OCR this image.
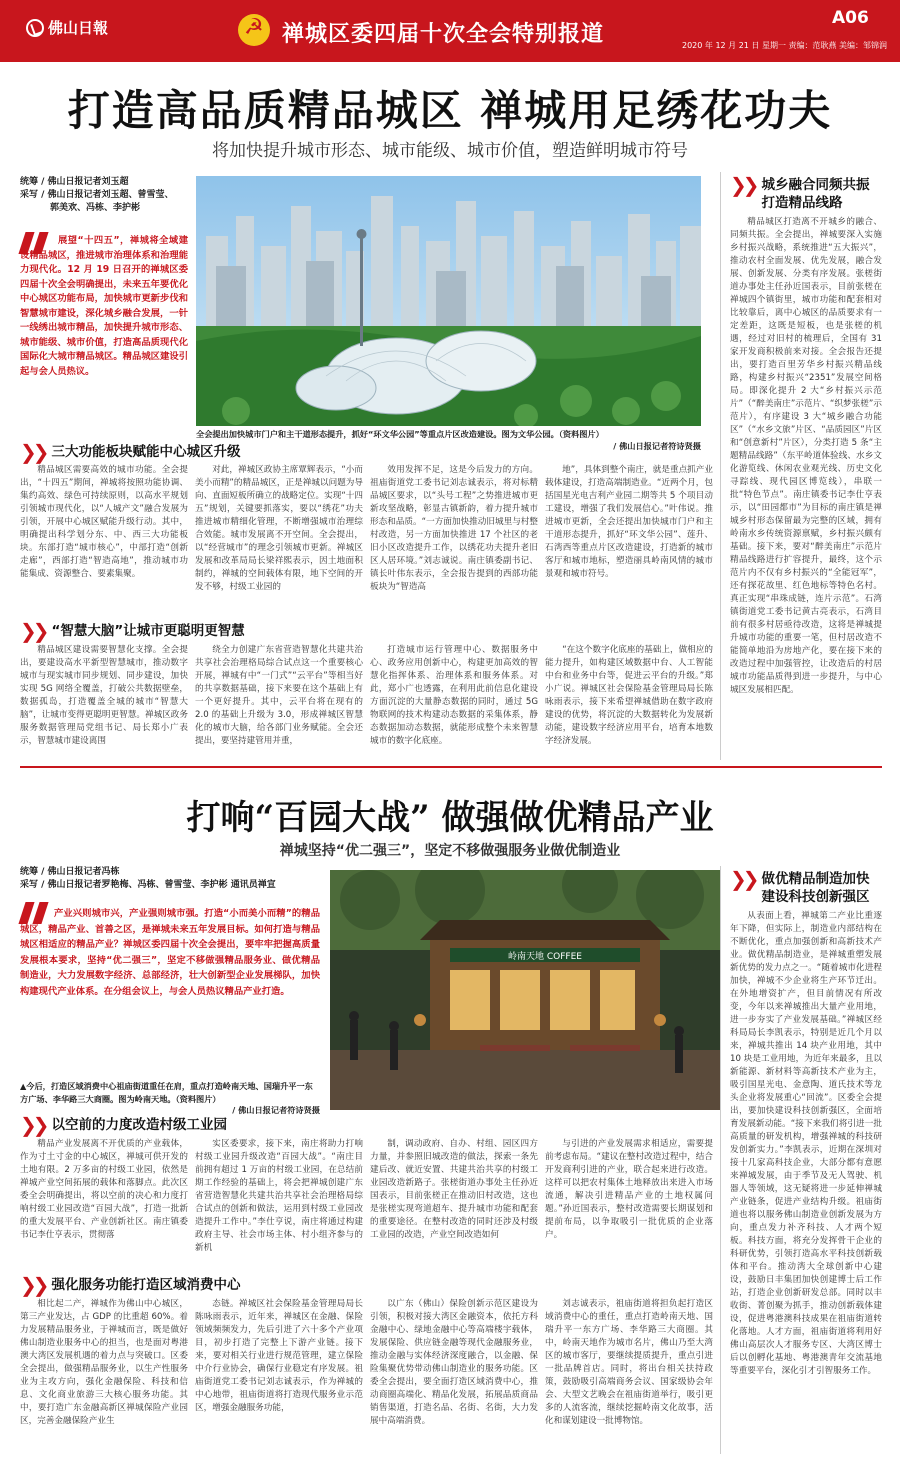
佛山日報
☭	禅城区委四届十次全会特别报道
A06
2020 年 12 月 21 日 星期一 责编：范耿燕 美编：邹锦润
打造高品质精品城区 禅城用足绣花功夫
将加快提升城市形态、城市能级、城市价值，塑造鲜明城市符号
统筹 / 佛山日报记者刘玉超
采写 / 佛山日报记者刘玉超、曾雪莹、
郭美欢、冯栋、李护彬
展望“十四五”，禅城将全域建设精品城区，推进城市治理体系和治理能力现代化。12 月 19 日召开的禅城区委四届十次全会明确提出，未来五年要优化中心城区功能布局，加快城市更新步伐和智慧城市建设，深化城乡融合发展，一针一线绣出城市精品，加快提升城市形态、城市能级、城市价值，打造高品质现代化国际化大城市精品城区。精品城区建设引起与会人员热议。
全会提出加快城市门户和主干道形态提升，抓好“环文华公园”等重点片区改造建设。图为文华公园。（资料图片）
/ 佛山日报记者符诗贤摄
❯❯ 三大功能板块赋能中心城区升级

精品城区需要高效的城市功能。全会提出，“十四五”期间，禅城将按照功能协调、集约高效、绿色可持续原则，以高水平规划引领城市现代化，以“人城产文”融合发展为引领，开展中心城区赋能升级行动。其中，明确提出科学划分东、中、西三大功能板块。东部打造“城市核心”，中部打造“创新走廊”，西部打造“智造高地”，推动城市功能集成、资源整合、要素集聚。

对此，禅城区政协主席覃辉表示，“小而美小而精”的精品城区，正是禅城以问题为导向、直面短板所确立的战略定位。实现“十四五”规划，关键要抓落实，要以“绣花”功夫推进城市精细化管理，不断增强城市治理综合效能。城市发展离不开空间。全会提出，以“经营城市”的理念引领城市更新。禅城区发展和改革局局长梁祥熙表示，因土地面积制约，禅城的空间载体有限，地下空间的开发不够，村级工业园的

效用发挥不足，这是今后发力的方向。祖庙街道党工委书记刘志诚表示，将对标精品城区要求，以“头号工程”之势推进城市更新攻坚战略，彰显古镇新韵，着力提升城市形态和品质。“一方面加快推动旧城里与村整村改造，另一方面加快推进 17 个社区的老旧小区改造提升工作，以绣花功夫提升老旧区人居环境。”刘志诚说。南庄镇委副书记、镇长叶伟东表示，全会报告提到的西部功能板块为“智造高

地”，具体到整个南庄，就是重点抓产业载体建设，打造高端制造业。“近两个月，包括国星光电吉利产业园二期等共 5 个项目动工建设，增强了我们发展信心。”叶伟说。推进城市更新，全会还提出加快城市门户和主干道形态提升，抓好“环文华公园”、莲升、石湾西等重点片区改造建设，打造新的城市客厅和城市地标，塑造丽具岭南风情的城市景观和城市符号。

❯❯ “智慧大脑”让城市更聪明更智慧

精品城区建设需要智慧化支撑。全会提出，要建设高水平新型智慧城市，推动数字城市与现实城市同步规划、同步建设，加快实现 5G 网络全覆盖，打破公共数据壁垒，数据孤岛，打造覆盖全城的城市“智慧大脑”，让城市变得更聪明更智慧。禅城区政务服务数据管理局党组书记、局长郑小广表示，智慧城市建设离围

绕全力创建广东省营造智慧化共建共治共享社会治理格局综合试点这一个重要核心开展，禅城有中“一门式”“云平台”等相当好的共享数据基础，接下来要在这个基础上有一个更好提升。其中，云平台将在现有的 2.0 的基础上升级为 3.0，形成禅城区智慧化的城市大脑，给各部门业务赋能。全会还提出，要坚持建管用并重，

打造城市运行管理中心、数据服务中心、政务应用创新中心，构建更加高效的智慧化指挥体系、治理体系和服务体系。对此，郑小广也透露，在利用此前信息化建设方面沉淀的大量静态数据的同时，通过 5G 物联网的技术构建动态数据的采集体系，静态数据加动态数据，就能形成整个未来智慧城市的数字化底座。

“在这个数字化底座的基础上，做相应的能力提升，如构建区域数据中台、人工智能中台和业务中台等，促进云平台的升级。”郑小广说。禅城区社会保险基金管理局局长陈咏雨表示，接下来希望禅城借助在数字政府建设的优势，将沉淀的大数据转化为发展新动能，建设数字经济应用平台，培育本地数字经济发展。

❯❯ 城乡融合同频共振
打造精品线路

精品城区打造离不开城乡的融合、同频共振。全会提出，禅城要深入实施乡村振兴战略，系统推进“五大振兴”，推动农村全面发展、优先发展，融合发展、创新发展、分类有序发展。张槎街道办事处主任孙近国表示，目前张槎在禅城四个镇街里，城市功能和配套相对比较靠后，离中心城区的品质要求有一定差距，这既是短板，也是张槎的机遇，经过对旧村的梳理后，全国有 31 家开发商积极前来对接。全会报告还提出，要打造百里芳华乡村振兴精品线路，构建乡村振兴“2351”发展空间格局。即深化提升 2 大“乡村振兴示范片”（“醉美南庄”示范片、“织梦张槎”示范片），有序建设 3 大“城乡融合功能区”（“水乡文旅”片区、“品质园区”片区和“创意新村”片区），分类打造 5 条“主题精品线路”（东平岭道体验线、水乡文化游览线、休闲农业观光线、历史文化寻踪线、现代园区博览线），串联一批“特色节点”。南庄镇委书记李仕亨表示，以“田园都市”为目标的南庄镇是禅城乡村形态保留最为完整的区域，拥有岭南水乡传统资源禀赋，乡村振兴颇有基础。接下来，要对“醉美南庄”示范片精品线路进行扩容提升，最终，这个示范片内不仅有乡村振兴的“全能冠军”，还有探花故里、红色地标等特色名村。真正实现“串珠成链，连片示范”。石湾镇街道党工委书记黄古亮表示，石湾目前有很多村居亟待改造，这将是禅城提升城市功能的重要一笔，但村居改造不能简单地沿为房地产化，要在接下来的改造过程中加强管控，让改造后的村居城市功能品质得到进一步提升，与中心城区发展相匹配。

打响“百园大战” 做强做优精品产业
禅城坚持“优二强三”，坚定不移做强服务业做优制造业
统筹 / 佛山日报记者冯栋
采写 / 佛山日报记者罗艳梅、冯栋、曾雪莹、李护彬 通讯员禅宣
产业兴则城市兴，产业强则城市强。打造“小而美小而精”的精品城区，精品产业、首善之区，是禅城未来五年发展目标。如何打造与精品城区相适应的精品产业？禅城区委四届十次全会提出，要牢牢把握高质量发展根本要求，坚持“优二强三”，坚定不移做强精品服务业、做优精品制造业，大力发展数字经济、总部经济，壮大创新型企业发展梯队，加快构建现代产业体系。在分组会议上，与会人员热议精品产业打造。
岭南天地 COFFEE
▲今后，打造区域消费中心祖庙街道重任在肩，重点打造岭南天地、国瑞升平一东方广场、李华路三大商圈。图为岭南天地。（资料图片）
/ 佛山日报记者符诗贤摄
❯❯ 以空前的力度改造村级工业园

精品产业发展离不开优质的产业载体，作为寸土寸金的中心城区，禅城可供开发的土地有限。2 万多亩的村级工业园，依然是禅城产业空间拓展的载体和落脚点。此次区委全会明确提出，将以空前的决心和力度打响村级工业园改造“百园大战”，打造一批新的重大发展平台、产业创新社区。南庄镇委书记李仕亨表示，贯彻落

实区委要求，接下来，南庄将助力打响村级工业园升级改造“百园大战”。“南庄目前拥有超过 1 万亩的村级工业园，在总结前期工作经验的基础上，将会把禅城创建广东省营造智慧化共建共治共享社会治理格局综合试点的创新和做法，运用到村级工业园改造提升工作中。”李仕亨说，南庄将通过构建政府主导、社会市场主体、村小组齐参与的新机

制，调动政府、自办、村组、园区四方力量，并参照旧城改造的做法，探索一条先建后改、就近安置、共建共治共享的村级工业园改造新路子。张槎街道办事处主任孙近国表示，目前张槎正在推动旧村改造，这也是张槎实现弯道超车、提升城市功能和配套的重要途径。在整村改造的同时还涉及村级工业园的改造，产业空间改造如何

与引进的产业发展需求相适应，需要提前考虑布局。“建议在整村改造过程中，结合开发商利引进的产业，联合起来进行改造。这样可以把农村集体土地释放出来进入市场流通，解决引进精品产业的土地权属问题。”孙近国表示，整村改造需要长期谋划和提前布局，以争取吸引一批优质的企业落户。

❯❯ 强化服务功能打造区域消费中心

相比起二产，禅城作为佛山中心城区，第三产业发达，占 GDP 的比重超 60%。着力发展精品服务业，于禅城而言，既是做好佛山制造业服务中心的担当，也是面对粤港澳大湾区发展机遇的着力点与突破口。区委全会提出，做强精品服务业，以生产性服务业为主攻方向，强化金融保险、科技和信息、文化商业旅游三大核心服务功能。其中，要打造广东金融高新区禅城保险产业园区，完善金融保险产业生

态链。禅城区社会保险基金管理局局长陈咏雨表示，近年来，禅城区在金融、保险领域频频发力，先后引进了六十多个产业项目，初步打造了完整上下游产业链。接下来，要对相关行业进行规范管理，建立保险中介行业协会，确保行业稳定有序发展。祖庙街道党工委书记刘志诚表示，作为禅城的中心地带，祖庙街道将打造现代服务业示范区，增强金融服务功能，

以广东（佛山）保险创新示范区建设为引领，积极对接大湾区金融资本，依托方科金融中心、绿地金融中心等高端楼宇载体，发展保险、供应链金融等现代金融服务业，推动金融与实体经济深度融合，以金融、保险集聚优势带动佛山制造业的服务功能。区委全会提出，要全面打造区域消费中心，推动商圈高端化、精品化发展，拓展品质商品销售渠道，打造名品、名街、名街，大力发展中高端消费。

刘志诚表示，祖庙街道将担负起打造区域消费中心的重任，重点打造岭南天地、国瑞升平一东方广场、李华路三大商圈。其中，岭南天地作为城市名片，佛山乃至大湾区的城市客厅，要继续提质提升，重点引进一批品牌首店。同时，将出台相关扶持政策，鼓励吸引高端商务会议、国家级协会年会、大型文艺晚会在祖庙街道举行，吸引更多的人流客流，继续挖掘岭南文化故事，活化和谋划建设一批博物馆。

❯❯ 做优精品制造加快
建设科技创新强区

从表面上看，禅城第二产业比重逐年下降，但实际上，制造业内部结构在不断优化，重点加强创新和高新技术产业。做优精品制造业，是禅城重塑发展新优势的发力点之一。“随着城市化进程加快，禅城不少企业将生产环节迁出。在外地增资扩产，但目前情况有所改变，今年以来禅城推出大量产业用地，进一步夯实了产业发展基础。”禅城区经科局局长李凯表示，特别是近几个月以来，禅城共推出 14 块产业用地，其中 10 块是工业用地，为近年来最多，且以新能源、新材料等高新技术产业为主，吸引国星光电、金意陶、道氏技术等龙头企业将发展重心“回流”。区委全会提出，要加快建设科技创新强区，全面培育发展新动能。“接下来我们将引进一批高质量的研发机构，增强禅城的科技研发创新实力。”李凯表示，近期在深圳对接十几家高科技企业，大部分都有意愿来禅城发展，由于季节及无人驾驶、机器人等领域，这无疑将进一步延伸禅城产业链条，促进产业结构升级。祖庙街道也将以服务佛山制造业创新发展为方向，重点发力补齐科技、人才两个短板。科技方面，将充分发挥骨干企业的科研优势，引领打造高水平科技创新载体和平台。推动湾大全球创新中心建设，鼓励日丰集团加快创建博士后工作站，打造企业创新研发总部。同时以丰收街、菁创聚为抓手，推动创新载体建设，促进粤港澳科技成果在祖庙街道转化落地。人才方面，祖庙街道将利用好佛山高层次人才服务专区、大湾区博士后以创孵化基地、粤港澳青年交流基地等重要平台，深化引才引智服务工作。
